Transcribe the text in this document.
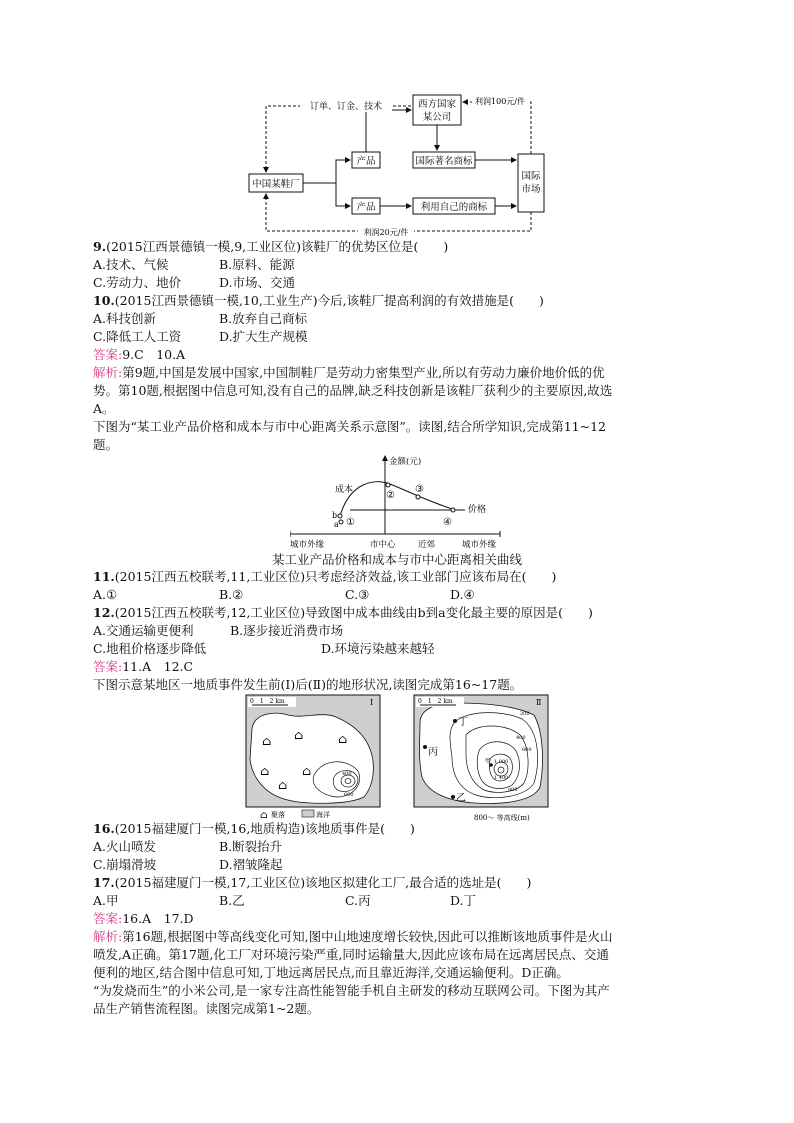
西方国家
某公司
国际
市场
中国某鞋厂
产品
产品
国际著名商标
利用自己的商标
订单、订金、技术
利润100元/件
利润20元/件
9.(2015江西景德镇一模,9,工业区位)该鞋厂的优势区位是(　　)
A.技术、气候	B.原料、能源
C.劳动力、地价	D.市场、交通
10.(2015江西景德镇一模,10,工业生产)今后,该鞋厂提高利润的有效措施是(　　)
A.科技创新	B.放弃自己商标
C.降低工人工资	D.扩大生产规模
答案:9.C　10.A
解析:第9题,中国是发展中国家,中国制鞋厂是劳动力密集型产业,所以有劳动力廉价地价低的优
势。第10题,根据图中信息可知,没有自己的品牌,缺乏科技创新是该鞋厂获利少的主要原因,故选
A。
下图为“某工业产品价格和成本与市中心距离关系示意图”。读图,结合所学知识,完成第11~12
题。
金额(元)
成本
价格
b
a ①
②
③
④
城市外缘	市中心	近郊	城市外缘
某工业产品价格和成本与市中心距离相关曲线
11.(2015江西五校联考,11,工业区位)只考虑经济效益,该工业部门应该布局在(　　)
A.①	B.②	C.③	D.④
12.(2015江西五校联考,12,工业区位)导致图中成本曲线由b到a变化最主要的原因是(　　)
A.交通运输更便利	B.逐步接近消费市场
C.地租价格逐步降低	D.环境污染越来越轻
答案:11.A　12.C
下图示意某地区一地质事件发生前(Ⅰ)后(Ⅱ)的地形状况,读图完成第16~17题。
400
600
⌂ ⌂	⌂
⌂
⌂
⌂
0　1　2 km	Ⅰ
200
400
600
800
1 000
1 400
丁
丙
甲
乙
0　1　2 km	Ⅱ
⌂ 聚落	海洋	800～ 等高线(m)
16.(2015福建厦门一模,16,地质构造)该地质事件是(　　)
A.火山喷发	B.断裂抬升
C.崩塌滑坡	D.褶皱隆起
17.(2015福建厦门一模,17,工业区位)该地区拟建化工厂,最合适的选址是(　　)
A.甲	B.乙	C.丙	D.丁
答案:16.A　17.D
解析:第16题,根据图中等高线变化可知,图中山地速度增长较快,因此可以推断该地质事件是火山
喷发,A正确。第17题,化工厂对环境污染严重,同时运输量大,因此应该布局在远离居民点、交通
便利的地区,结合图中信息可知,丁地远离居民点,而且靠近海洋,交通运输便利。D正确。
“为发烧而生”的小米公司,是一家专注高性能智能手机自主研发的移动互联网公司。下图为其产
品生产销售流程图。读图完成第1~2题。
